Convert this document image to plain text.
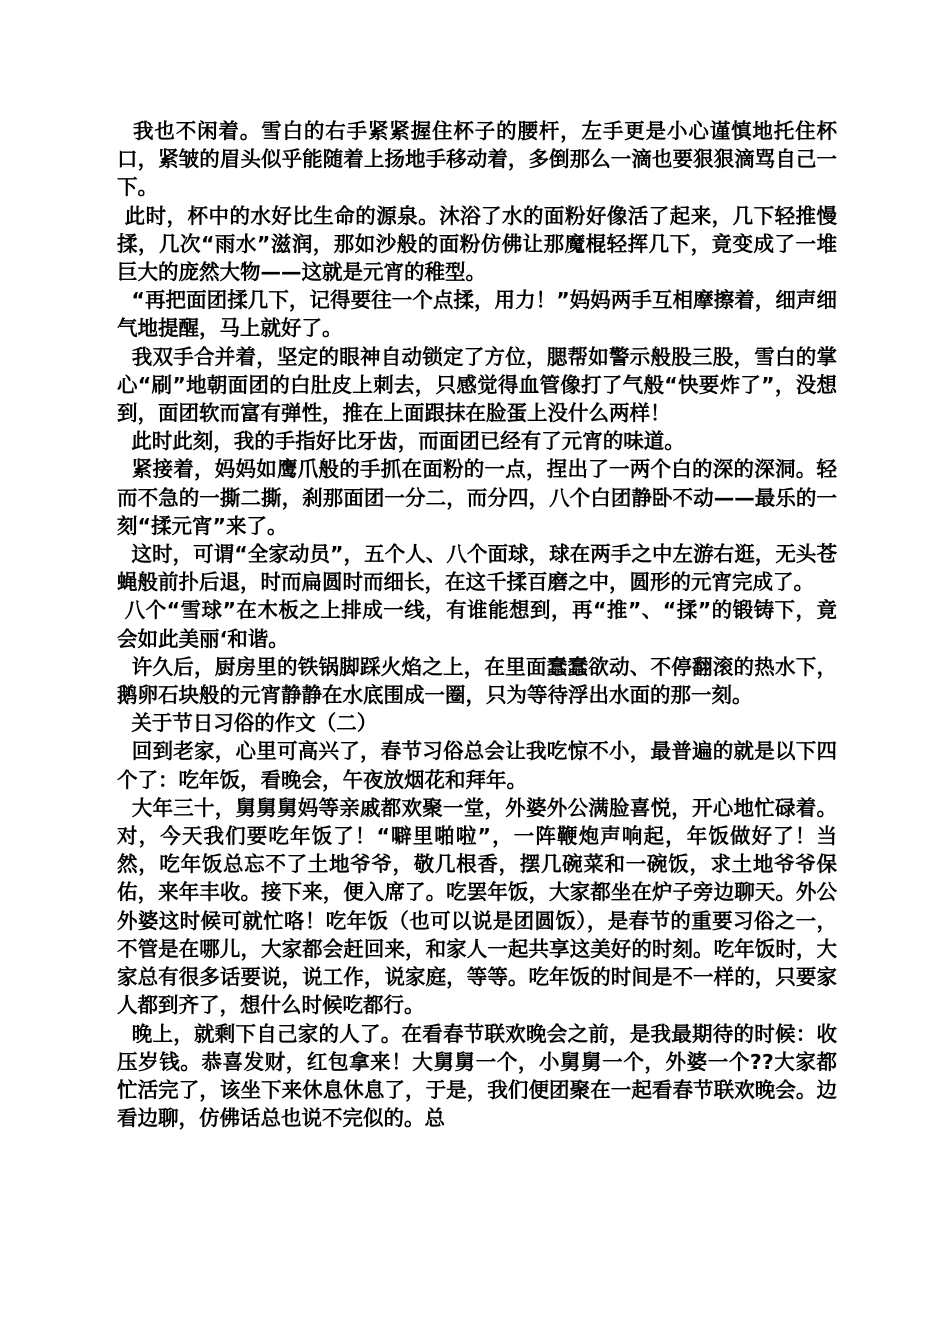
我也不闲着。雪白的右手紧紧握住杯子的腰杆，左手更是小心谨慎地托住杯口，紧皱的眉头似乎能随着上扬地手移动着，多倒那么一滴也要狠狠滴骂自己一下。

此时，杯中的水好比生命的源泉。沐浴了水的面粉好像活了起来，几下轻推慢揉，几次“雨水”滋润，那如沙般的面粉仿佛让那魔棍轻挥几下，竟变成了一堆巨大的庞然大物——这就是元宵的稚型。

“再把面团揉几下，记得要往一个点揉，用力！”妈妈两手互相摩擦着，细声细气地提醒，马上就好了。

我双手合并着，坚定的眼神自动锁定了方位，腮帮如警示般股三股，雪白的掌心“刷”地朝面团的白肚皮上刺去，只感觉得血管像打了气般“快要炸了”，没想到，面团软而富有弹性，推在上面跟抹在脸蛋上没什么两样！

此时此刻，我的手指好比牙齿，而面团已经有了元宵的味道。

紧接着，妈妈如鹰爪般的手抓在面粉的一点，捏出了一两个白的深的深洞。轻而不急的一撕二撕，刹那面团一分二，而分四，八个白团静卧不动——最乐的一刻“揉元宵”来了。

这时，可谓“全家动员”，五个人、八个面球，球在两手之中左游右逛，无头苍蝇般前扑后退，时而扁圆时而细长，在这千揉百磨之中，圆形的元宵完成了。

八个“雪球”在木板之上排成一线，有谁能想到，再“推”、“揉”的锻铸下，竟会如此美丽‘和谐。

许久后，厨房里的铁锅脚踩火焰之上，在里面蠢蠢欲动、不停翻滚的热水下，鹅卵石块般的元宵静静在水底围成一圈，只为等待浮出水面的那一刻。

关于节日习俗的作文（二）

回到老家，心里可高兴了，春节习俗总会让我吃惊不小，最普遍的就是以下四个了：吃年饭，看晚会，午夜放烟花和拜年。

大年三十，舅舅舅妈等亲戚都欢聚一堂，外婆外公满脸喜悦，开心地忙碌着。对，今天我们要吃年饭了！“噼里啪啦”，一阵鞭炮声响起，年饭做好了！当然，吃年饭总忘不了土地爷爷，敬几根香，摆几碗菜和一碗饭，求土地爷爷保佑，来年丰收。接下来，便入席了。吃罢年饭，大家都坐在炉子旁边聊天。外公外婆这时候可就忙咯！吃年饭（也可以说是团圆饭），是春节的重要习俗之一，不管是在哪儿，大家都会赶回来，和家人一起共享这美好的时刻。吃年饭时，大家总有很多话要说，说工作，说家庭，等等。吃年饭的时间是不一样的，只要家人都到齐了，想什么时候吃都行。

晚上，就剩下自己家的人了。在看春节联欢晚会之前，是我最期待的时候：收压岁钱。恭喜发财，红包拿来！大舅舅一个，小舅舅一个，外婆一个??大家都忙活完了，该坐下来休息休息了，于是，我们便团聚在一起看春节联欢晚会。边看边聊，仿佛话总也说不完似的。总
